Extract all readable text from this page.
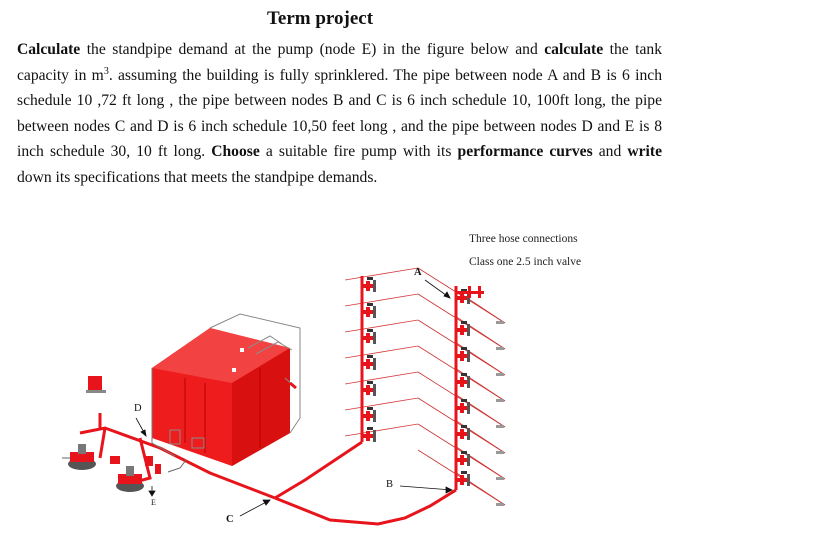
Term project
Calculate the standpipe demand at the pump (node E) in the figure below and calculate the tank capacity in $m^3$. assuming the building is fully sprinklered. The pipe between node A and B is 6 inch schedule 10 ,72 ft long , the pipe between nodes B and C is 6 inch schedule 10, 100ft long, the pipe between nodes C and D is 6 inch schedule 10,50 feet long , and the pipe between nodes D and E is 8 inch schedule 30, 10 ft long. Choose a suitable fire pump with its performance curves and write down its specifications that meets the standpipe demands.
Three hose connections
Class one 2.5 inch valve
A
B
C
D
E
